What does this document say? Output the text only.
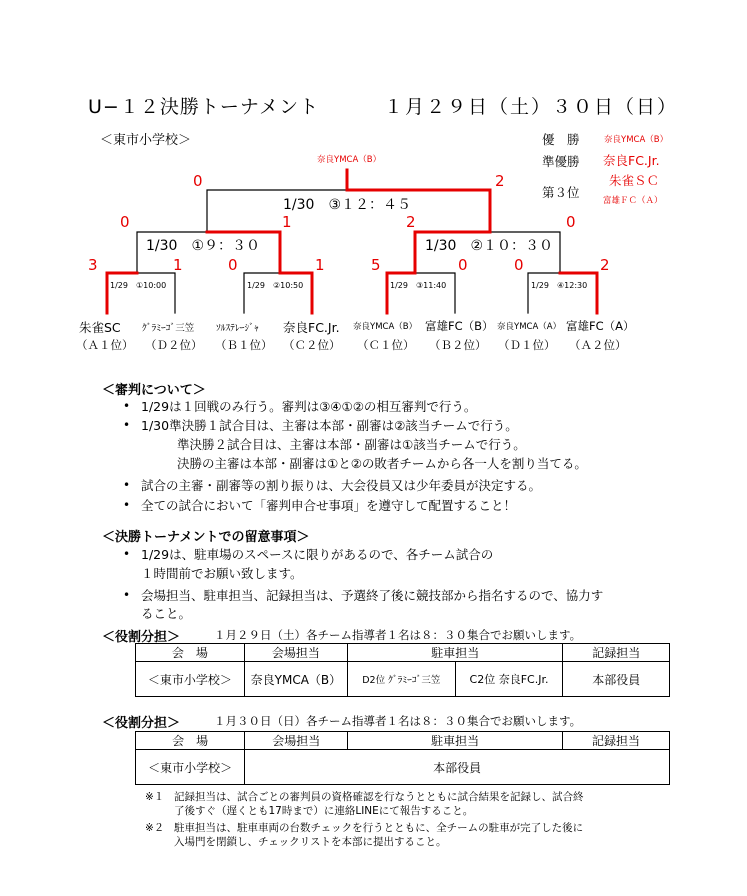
U−１２決勝トーナメント	１月２９日（土）３０日（日）
＜東市小学校＞	優　勝	奈良YMCA（B）
準優勝 奈良FC.Jr.
第３位
朱雀ＳＣ
富雄ＦＣ（Ａ）
奈良YMCA（B）
1/30　③１２：４５
1/30　①９：３０	1/30　②１０：３０
1/29　①10:00	1/29　②10:50	1/29　③11:40	1/29　④12:30
0	2
0	1	2	0
3	1	0	1	5	0	0	2
朱雀SC ｸﾞﾗﾐｰｺﾞ三笠 ｿﾙｽﾃﾚｰｼﾞｬ 奈良FC.Jr. 奈良YMCA（B） 富雄FC（B） 奈良YMCA（A） 富雄FC（A）
（Ａ１位） （Ｄ２位） （Ｂ１位） （Ｃ２位） （Ｃ１位） （Ｂ２位） （Ｄ１位） （Ａ２位）
＜審判について＞
• 1/29は１回戦のみ行う。審判は③④①②の相互審判で行う。
• 1/30準決勝１試合目は、主審は本部・副審は②該当チームで行う。
準決勝２試合目は、主審は本部・副審は①該当チームで行う。
決勝の主審は本部・副審は①と②の敗者チームから各一人を割り当てる。
• 試合の主審・副審等の割り振りは、大会役員又は少年委員が決定する。
• 全ての試合において「審判申合せ事項」を遵守して配置すること！
＜決勝トーナメントでの留意事項＞
• 1/29は、駐車場のスペースに限りがあるので、各チーム試合の
１時間前でお願い致します。
• 会場担当、駐車担当、記録担当は、予選終了後に競技部から指名するので、協力す
ること。
＜役割分担＞	１月２９日（土）各チーム指導者１名は８：３０集合でお願いします。
会　場	会場担当	駐車担当		記録担当
＜東市小学校＞	奈良YMCA（B）	D2位 ｸﾞﾗﾐｰｺﾞ三笠	C2位 奈良FC.Jr.	本部役員
＜役割分担＞	１月３０日（日）各チーム指導者１名は８：３０集合でお願いします。
会　場	会場担当	駐車担当	記録担当
＜東市小学校＞	本部役員		
※１ 記録担当は、試合ごとの審判員の資格確認を行なうとともに試合結果を記録し、試合終
了後すぐ（遅くとも17時まで）に連絡LINEにて報告すること。
※２ 駐車担当は、駐車車両の台数チェックを行うとともに、全チームの駐車が完了した後に
入場門を閉鎖し、チェックリストを本部に提出すること。
